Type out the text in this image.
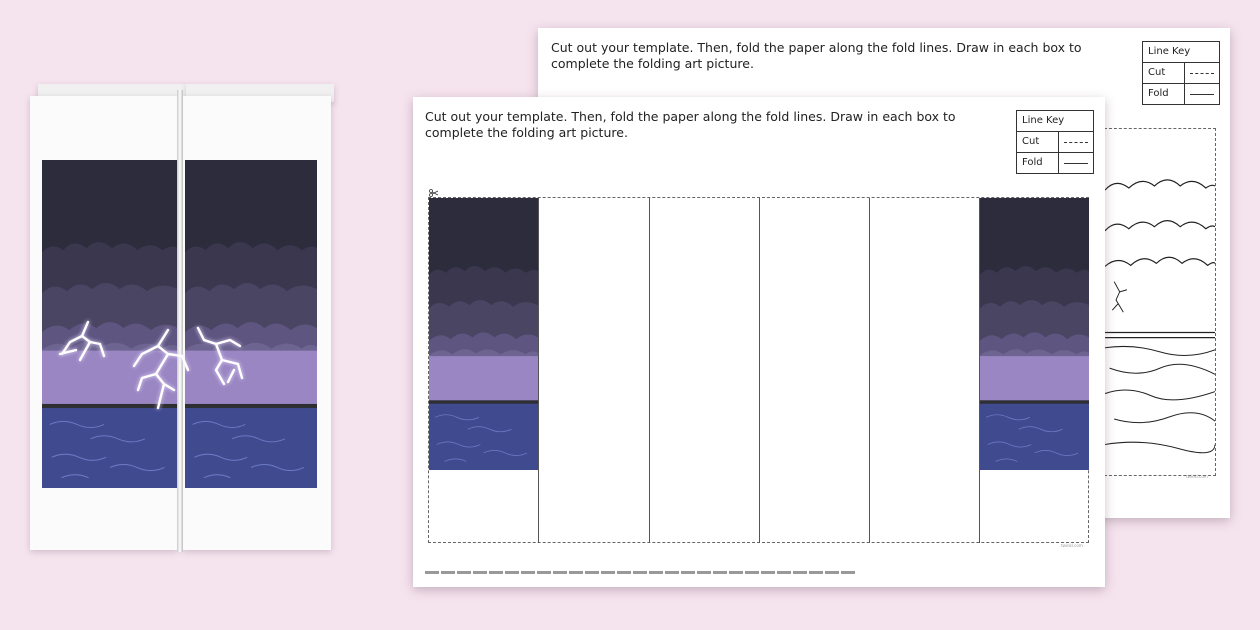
Cut out your template. Then, fold the paper along the fold lines. Draw in each box to complete the folding art picture.
Line Key
Cut
Fold
twinkl.com
Cut out your template. Then, fold the paper along the fold lines. Draw in each box to complete the folding art picture.
Line Key
Cut
Fold
twinkl.com
